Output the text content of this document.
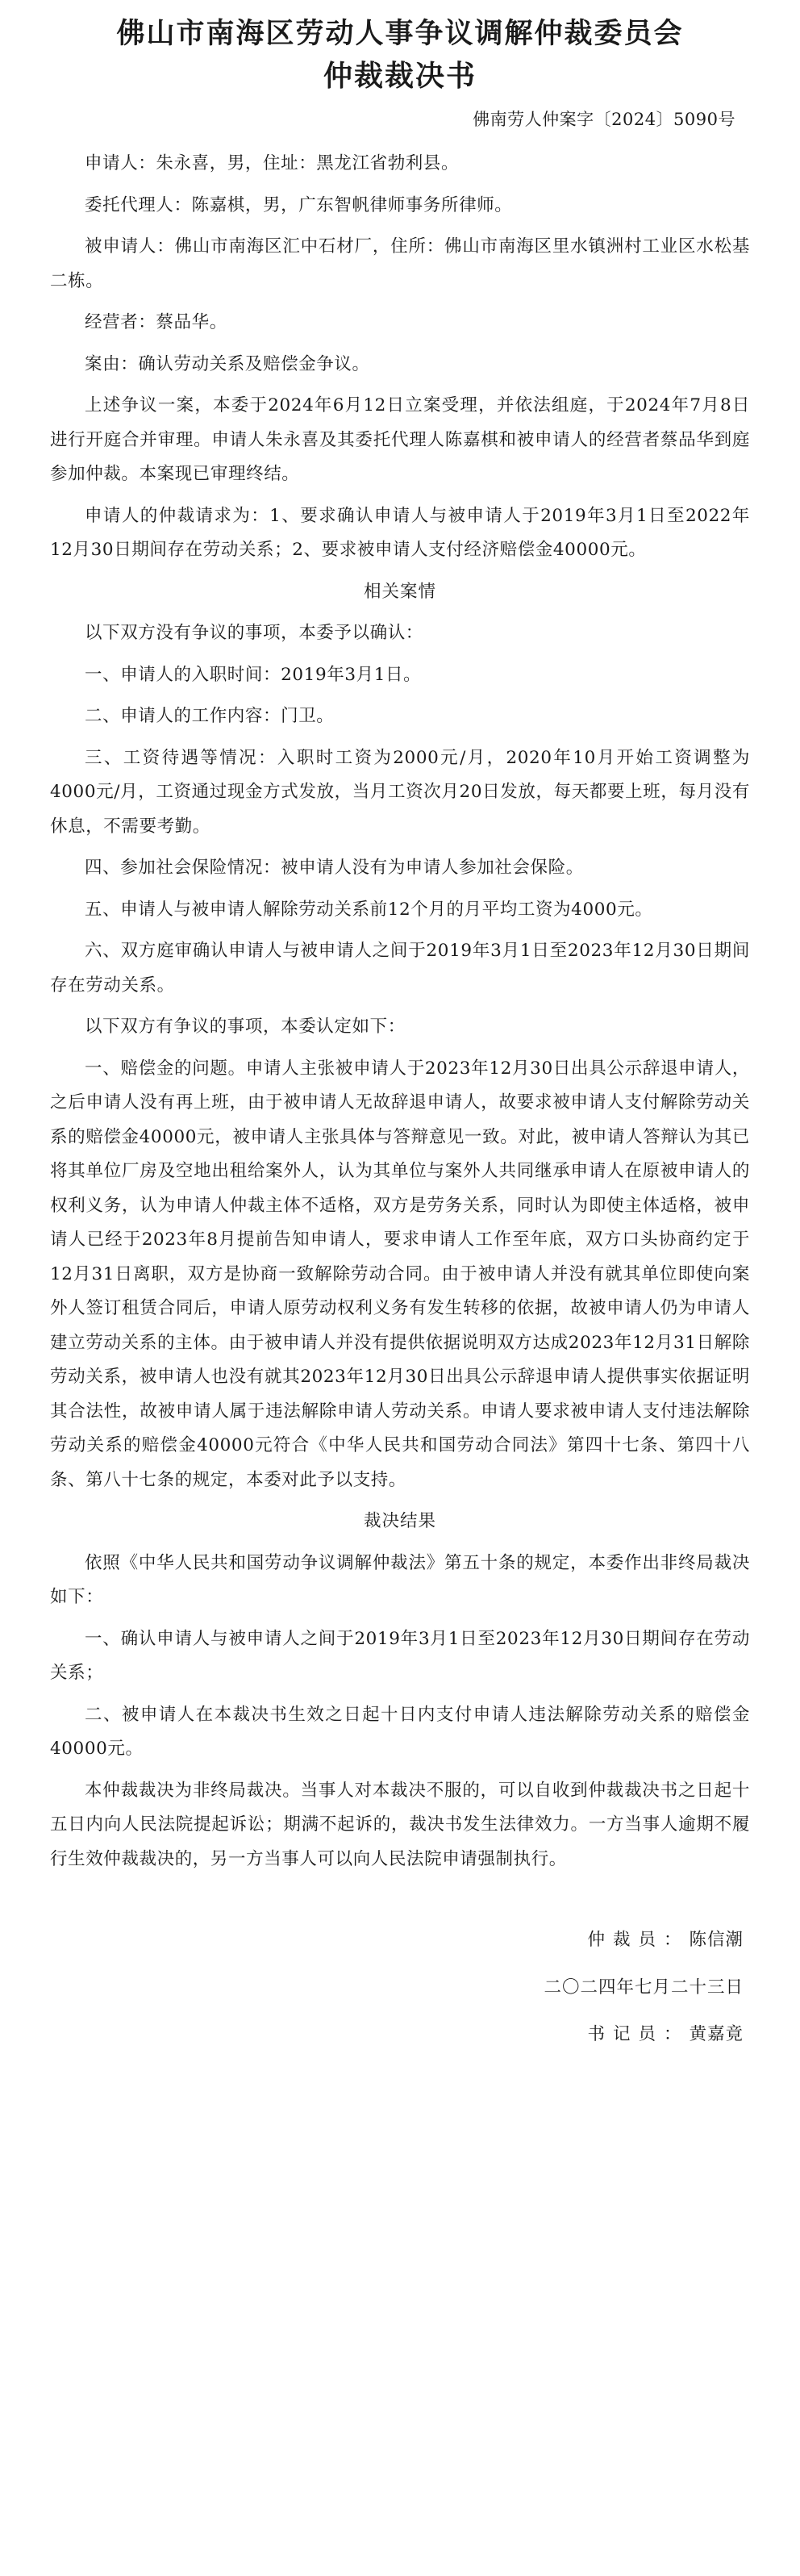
佛山市南海区劳动人事争议调解仲裁委员会
仲裁裁决书
佛南劳人仲案字〔2024〕5090号

申请人：朱永喜，男，住址：黑龙江省勃利县。

委托代理人：陈嘉棋，男，广东智帆律师事务所律师。

被申请人：佛山市南海区汇中石材厂，住所：佛山市南海区里水镇洲村工业区水松基二栋。

经营者：蔡品华。

案由：确认劳动关系及赔偿金争议。

上述争议一案，本委于2024年6月12日立案受理，并依法组庭，于2024年7月8日进行开庭合并审理。申请人朱永喜及其委托代理人陈嘉棋和被申请人的经营者蔡品华到庭参加仲裁。本案现已审理终结。

申请人的仲裁请求为：1、要求确认申请人与被申请人于2019年3月1日至2022年12月30日期间存在劳动关系；2、要求被申请人支付经济赔偿金40000元。

相关案情

以下双方没有争议的事项，本委予以确认：

一、申请人的入职时间：2019年3月1日。

二、申请人的工作内容：门卫。

三、工资待遇等情况：入职时工资为2000元/月，2020年10月开始工资调整为4000元/月，工资通过现金方式发放，当月工资次月20日发放，每天都要上班，每月没有休息，不需要考勤。

四、参加社会保险情况：被申请人没有为申请人参加社会保险。

五、申请人与被申请人解除劳动关系前12个月的月平均工资为4000元。

六、双方庭审确认申请人与被申请人之间于2019年3月1日至2023年12月30日期间存在劳动关系。

以下双方有争议的事项，本委认定如下：

一、赔偿金的问题。申请人主张被申请人于2023年12月30日出具公示辞退申请人，之后申请人没有再上班，由于被申请人无故辞退申请人，故要求被申请人支付解除劳动关系的赔偿金40000元，被申请人主张具体与答辩意见一致。对此，被申请人答辩认为其已将其单位厂房及空地出租给案外人，认为其单位与案外人共同继承申请人在原被申请人的权利义务，认为申请人仲裁主体不适格，双方是劳务关系，同时认为即使主体适格，被申请人已经于2023年8月提前告知申请人，要求申请人工作至年底，双方口头协商约定于12月31日离职，双方是协商一致解除劳动合同。由于被申请人并没有就其单位即使向案外人签订租赁合同后，申请人原劳动权利义务有发生转移的依据，故被申请人仍为申请人建立劳动关系的主体。由于被申请人并没有提供依据说明双方达成2023年12月31日解除劳动关系，被申请人也没有就其2023年12月30日出具公示辞退申请人提供事实依据证明其合法性，故被申请人属于违法解除申请人劳动关系。申请人要求被申请人支付违法解除劳动关系的赔偿金40000元符合《中华人民共和国劳动合同法》第四十七条、第四十八条、第八十七条的规定，本委对此予以支持。

裁决结果

依照《中华人民共和国劳动争议调解仲裁法》第五十条的规定，本委作出非终局裁决如下：

一、确认申请人与被申请人之间于2019年3月1日至2023年12月30日期间存在劳动关系；

二、被申请人在本裁决书生效之日起十日内支付申请人违法解除劳动关系的赔偿金40000元。

本仲裁裁决为非终局裁决。当事人对本裁决不服的，可以自收到仲裁裁决书之日起十五日内向人民法院提起诉讼；期满不起诉的，裁决书发生法律效力。一方当事人逾期不履行生效仲裁裁决的，另一方当事人可以向人民法院申请强制执行。

仲裁员：陈信潮
二〇二四年七月二十三日
书记员：黄嘉竟
